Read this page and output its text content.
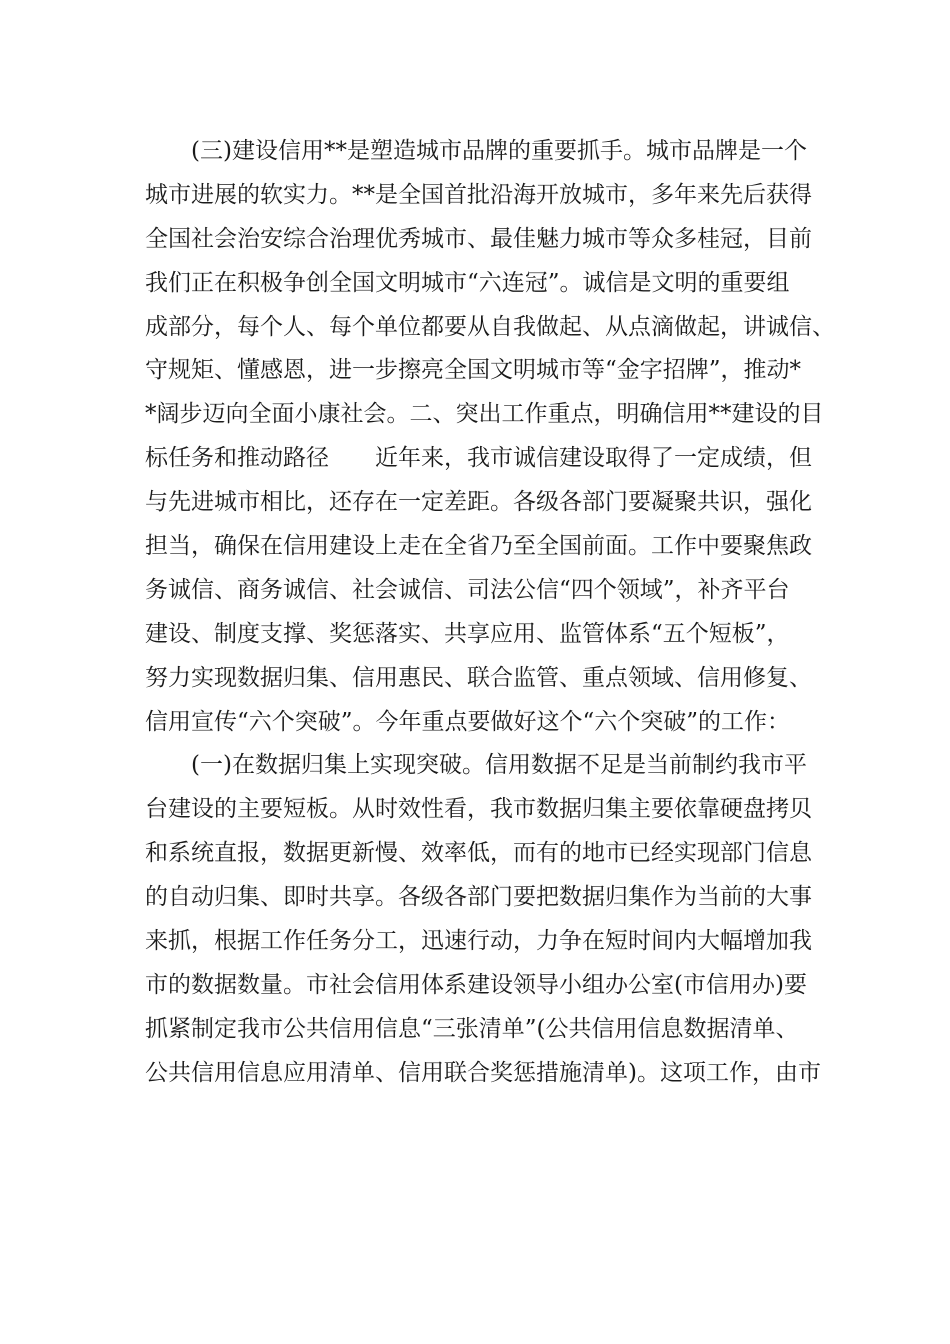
　　(三)建设信用**是塑造城市品牌的重要抓手。城市品牌是一个
城市进展的软实力。**是全国首批沿海开放城市，多年来先后获得
全国社会治安综合治理优秀城市、最佳魅力城市等众多桂冠，目前
我们正在积极争创全国文明城市“六连冠”。诚信是文明的重要组
成部分，每个人、每个单位都要从自我做起、从点滴做起，讲诚信、
守规矩、懂感恩，进一步擦亮全国文明城市等“金字招牌”，推动*
*阔步迈向全面小康社会。二、突出工作重点，明确信用**建设的目
标任务和推动路径　　近年来，我市诚信建设取得了一定成绩，但
与先进城市相比，还存在一定差距。各级各部门要凝聚共识，强化
担当，确保在信用建设上走在全省乃至全国前面。工作中要聚焦政
务诚信、商务诚信、社会诚信、司法公信“四个领域”，补齐平台
建设、制度支撑、奖惩落实、共享应用、监管体系“五个短板”，
努力实现数据归集、信用惠民、联合监管、重点领域、信用修复、
信用宣传“六个突破”。今年重点要做好这个“六个突破”的工作：
　　(一)在数据归集上实现突破。信用数据不足是当前制约我市平
台建设的主要短板。从时效性看，我市数据归集主要依靠硬盘拷贝
和系统直报，数据更新慢、效率低，而有的地市已经实现部门信息
的自动归集、即时共享。各级各部门要把数据归集作为当前的大事
来抓，根据工作任务分工，迅速行动，力争在短时间内大幅增加我
市的数据数量。市社会信用体系建设领导小组办公室(市信用办)要
抓紧制定我市公共信用信息“三张清单”(公共信用信息数据清单、
公共信用信息应用清单、信用联合奖惩措施清单)。这项工作，由市
